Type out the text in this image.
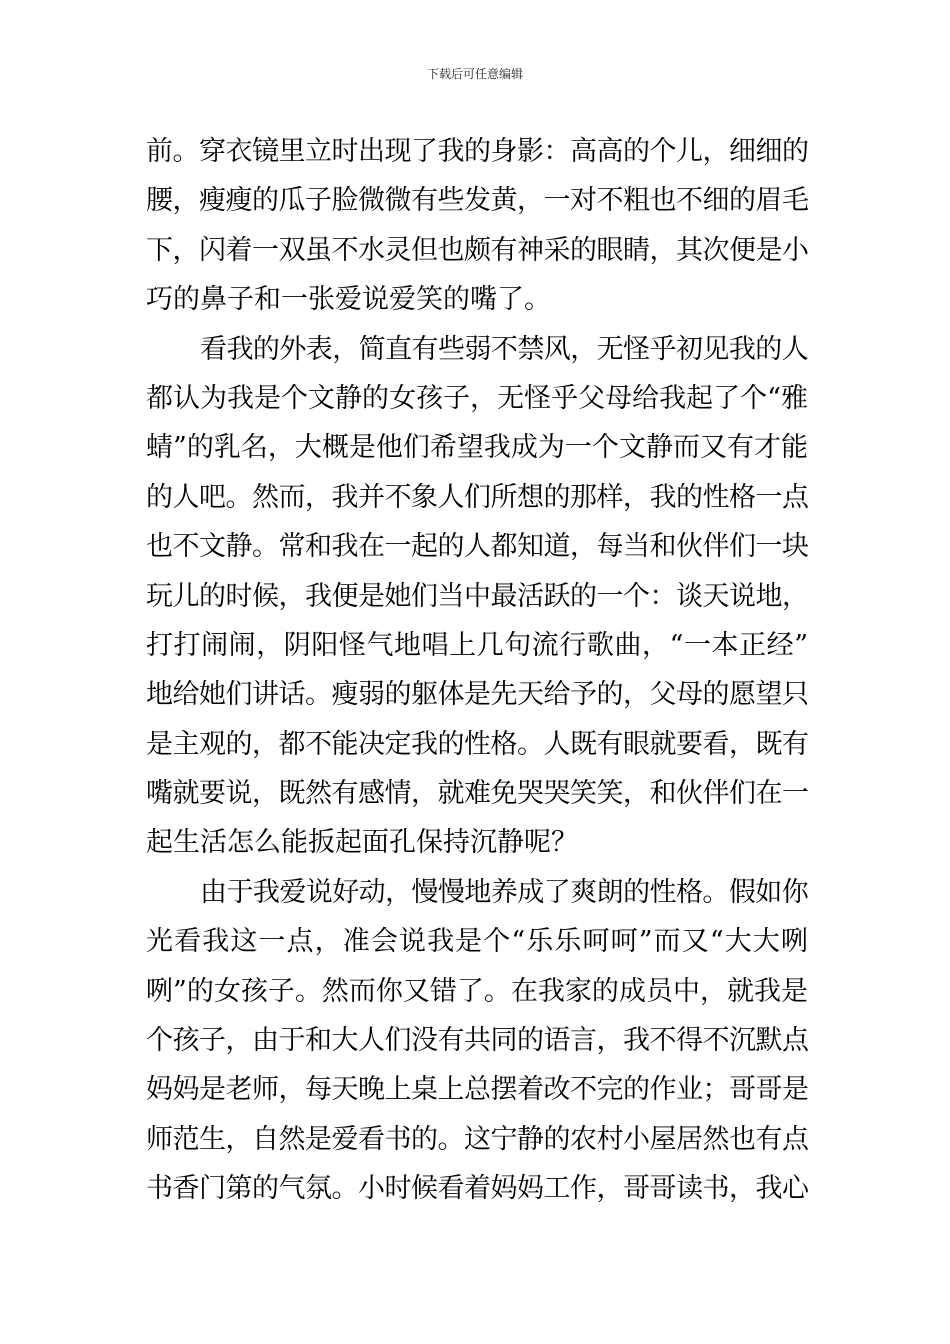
下载后可任意编辑
前。穿衣镜里立时出现了我的身影：高高的个儿，细细的
腰，瘦瘦的瓜子脸微微有些发黄，一对不粗也不细的眉毛
下，闪着一双虽不水灵但也颇有神采的眼睛，其次便是小
巧的鼻子和一张爱说爱笑的嘴了。
看我的外表，简直有些弱不禁风，无怪乎初见我的人
都认为我是个文静的女孩子，无怪乎父母给我起了个“雅
蜻”的乳名，大概是他们希望我成为一个文静而又有才能
的人吧。然而，我并不象人们所想的那样，我的性格一点
也不文静。常和我在一起的人都知道，每当和伙伴们一块
玩儿的时候，我便是她们当中最活跃的一个：谈天说地，
打打闹闹，阴阳怪气地唱上几句流行歌曲，“一本正经”
地给她们讲话。瘦弱的躯体是先天给予的，父母的愿望只
是主观的，都不能决定我的性格。人既有眼就要看，既有
嘴就要说，既然有感情，就难免哭哭笑笑，和伙伴们在一
起生活怎么能扳起面孔保持沉静呢？
由于我爱说好动，慢慢地养成了爽朗的性格。假如你
光看我这一点，准会说我是个“乐乐呵呵”而又“大大咧
咧”的女孩子。然而你又错了。在我家的成员中，就我是
个孩子，由于和大人们没有共同的语言，我不得不沉默点
妈妈是老师，每天晚上桌上总摆着改不完的作业；哥哥是
师范生，自然是爱看书的。这宁静的农村小屋居然也有点
书香门第的气氛。小时候看着妈妈工作，哥哥读书，我心
